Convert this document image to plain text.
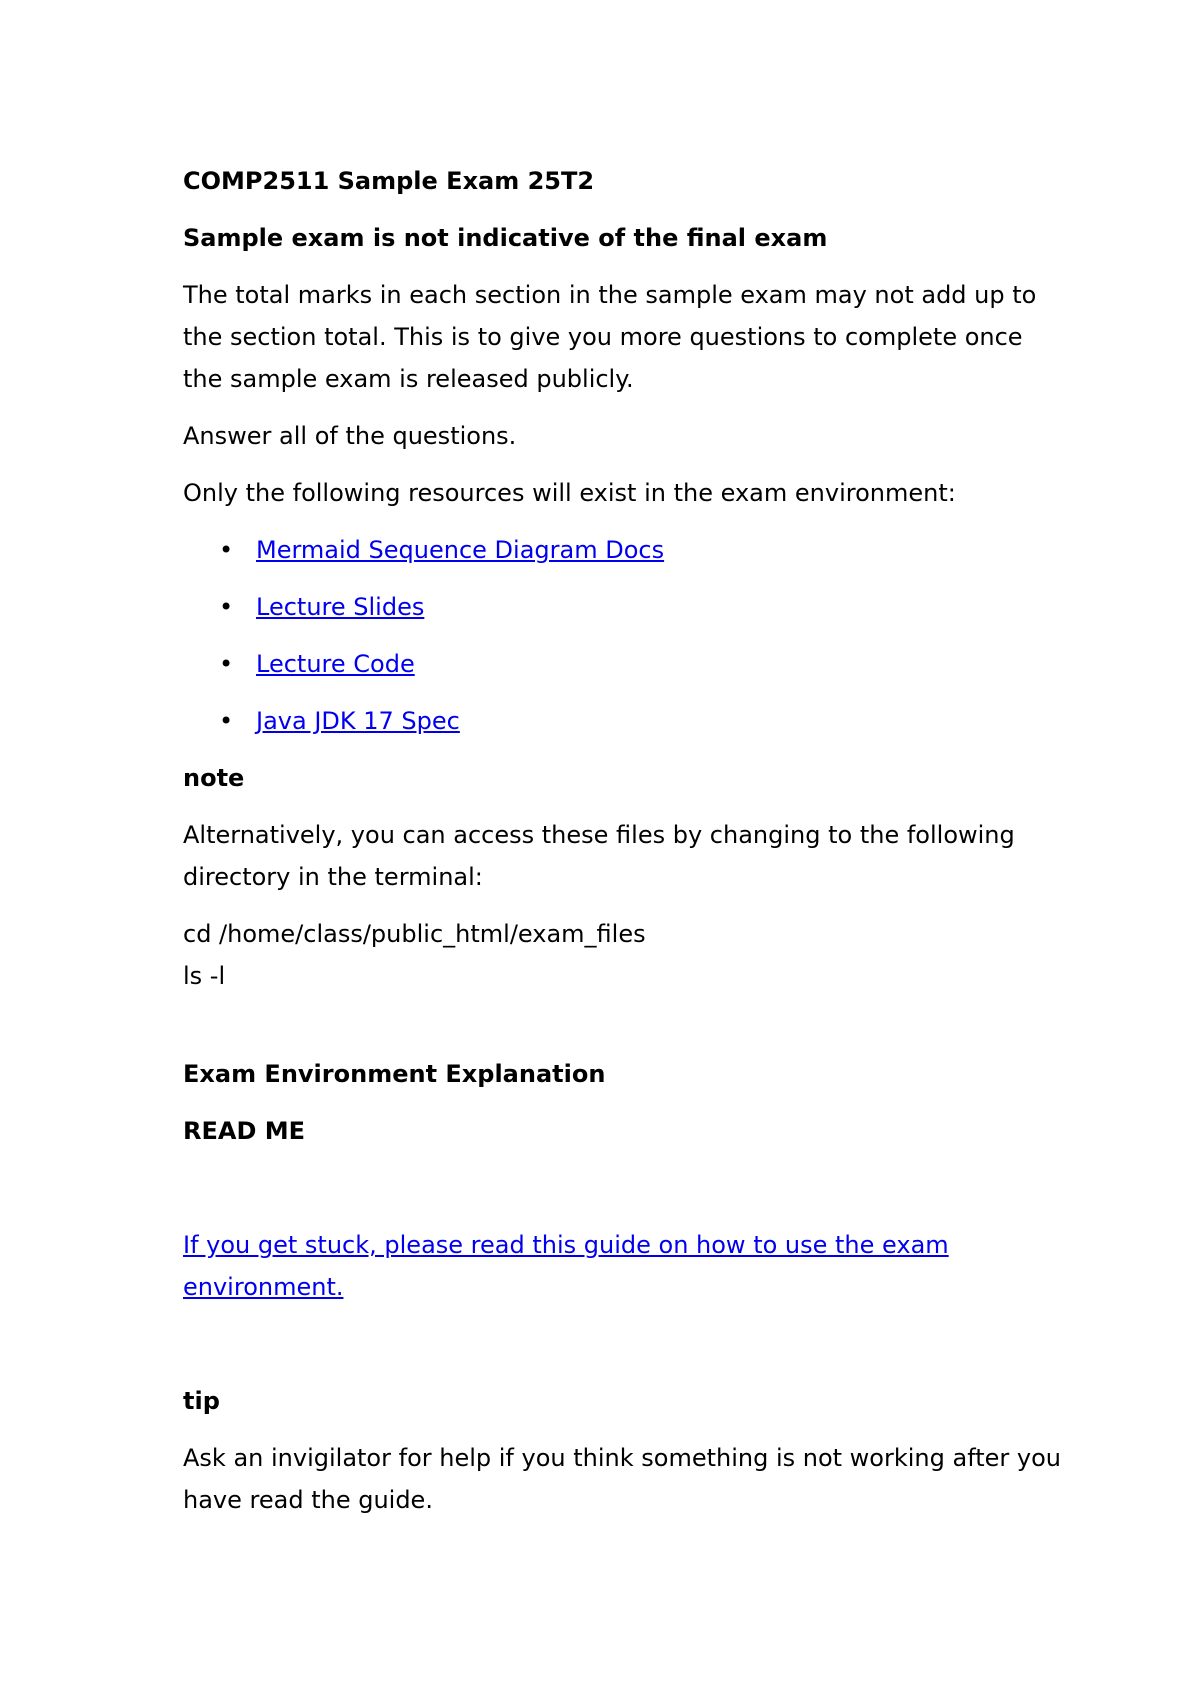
COMP2511 Sample Exam 25T2
Sample exam is not indicative of the final exam
The total marks in each section in the sample exam may not add up to the section total. This is to give you more questions to complete once the sample exam is released publicly.
Answer all of the questions.
Only the following resources will exist in the exam environment:
• Mermaid Sequence Diagram Docs
• Lecture Slides
• Lecture Code
• Java JDK 17 Spec
note
Alternatively, you can access these files by changing to the following directory in the terminal:
cd /home/class/public_html/exam_files
ls -l
Exam Environment Explanation
READ ME
If you get stuck, please read this guide on how to use the exam environment.
tip
Ask an invigilator for help if you think something is not working after you have read the guide.
